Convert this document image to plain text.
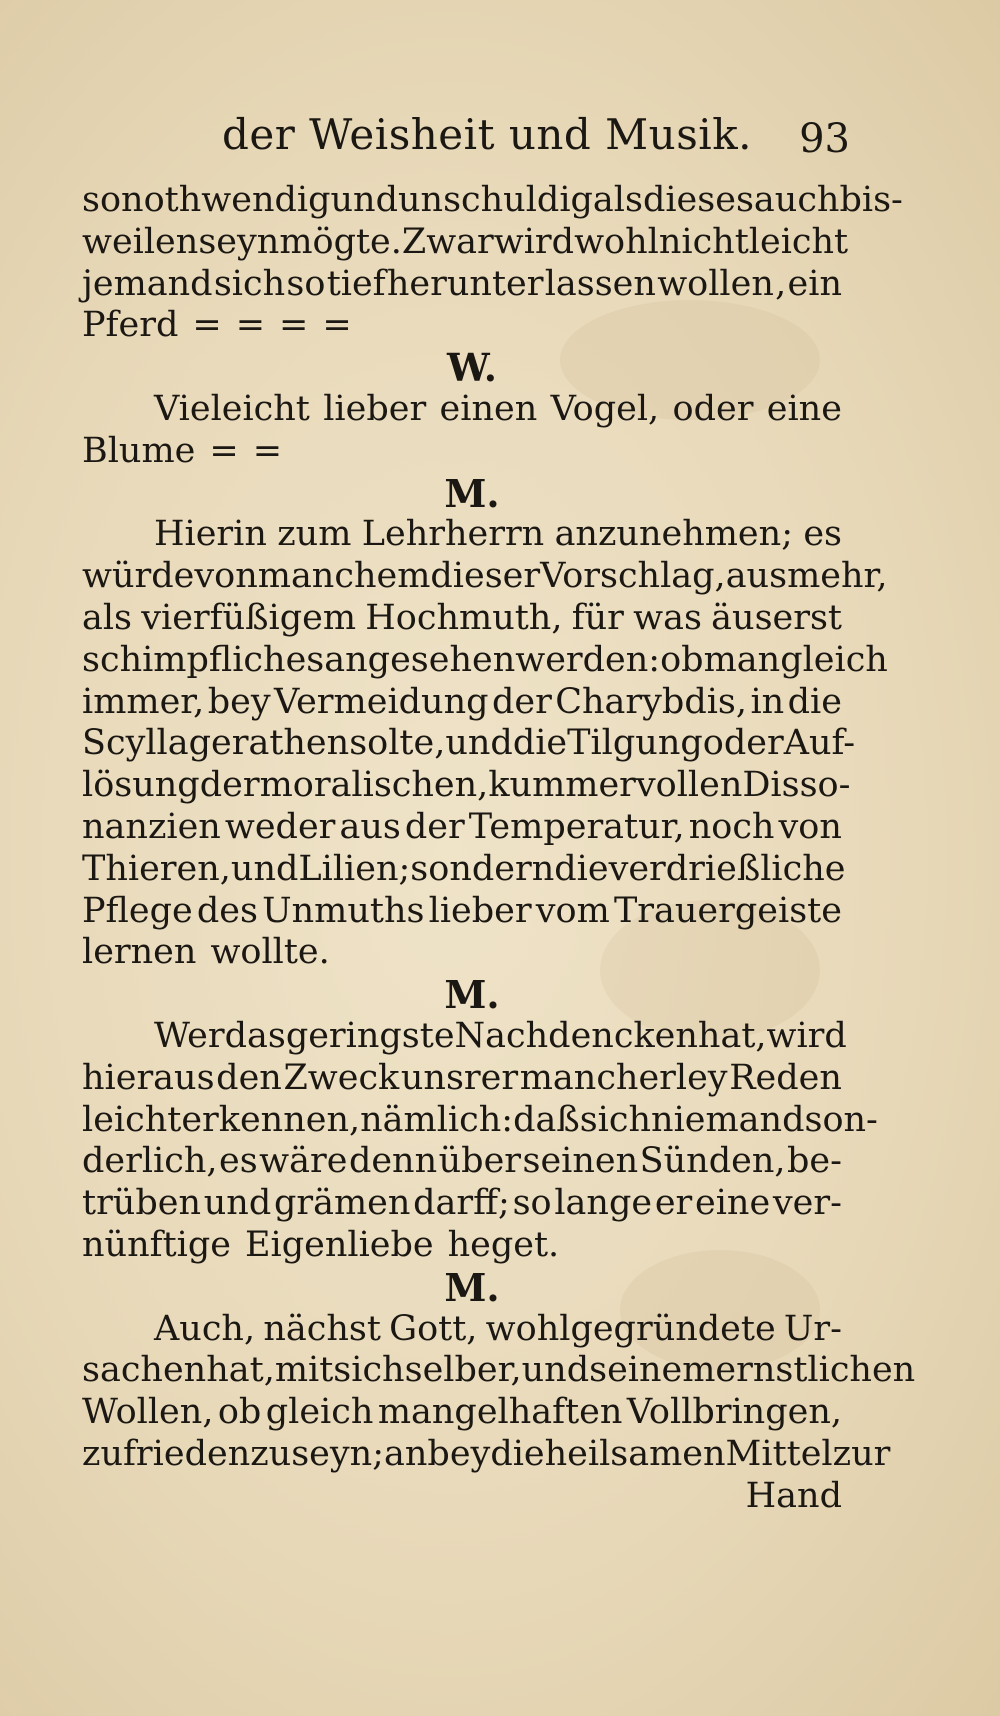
der Weisheit und Musik. 93
so nothwendig und unschuldig als dieses auch bis-
weilen seyn mögte. Zwar wird wohl nicht leicht
jemand sich so tief herunter lassen wollen , ein
Pferd = = = =
W.
Vieleicht lieber einen Vogel, oder eine
Blume = =
M.
Hierin zum Lehrherrn anzunehmen; es
würde von manchem dieser Vorschlag, aus mehr,
als vierfüßigem Hochmuth, für was äuserst
schimpfliches angesehen werden: ob man gleich
immer, bey Vermeidung der Charybdis, in die
Scylla gerathen solte, und die Tilgung oder Auf-
lösung der moralischen, kummervollen Disso-
nanzien weder aus der Temperatur, noch von
Thieren, und Lilien; sondern die verdrießliche
Pflege des Unmuths lieber vom Trauergeiste
lernen wollte.
M.
Wer das geringste Nachdencken hat, wird
hieraus den Zweck unsrer mancherley Reden
leicht erkennen, nämlich: daß sich niemand son-
derlich, es wäre denn über seinen Sünden, be-
trüben und grämen darff; so lange er eine ver-
nünftige Eigenliebe heget.
M.
Auch, nächst Gott, wohlgegründete Ur-
sachen hat, mit sich selber, und seinem ernstlichen
Wollen, ob gleich mangelhaften Vollbringen,
zufrieden zu seyn; anbey die heilsamen Mittel zur
Hand
